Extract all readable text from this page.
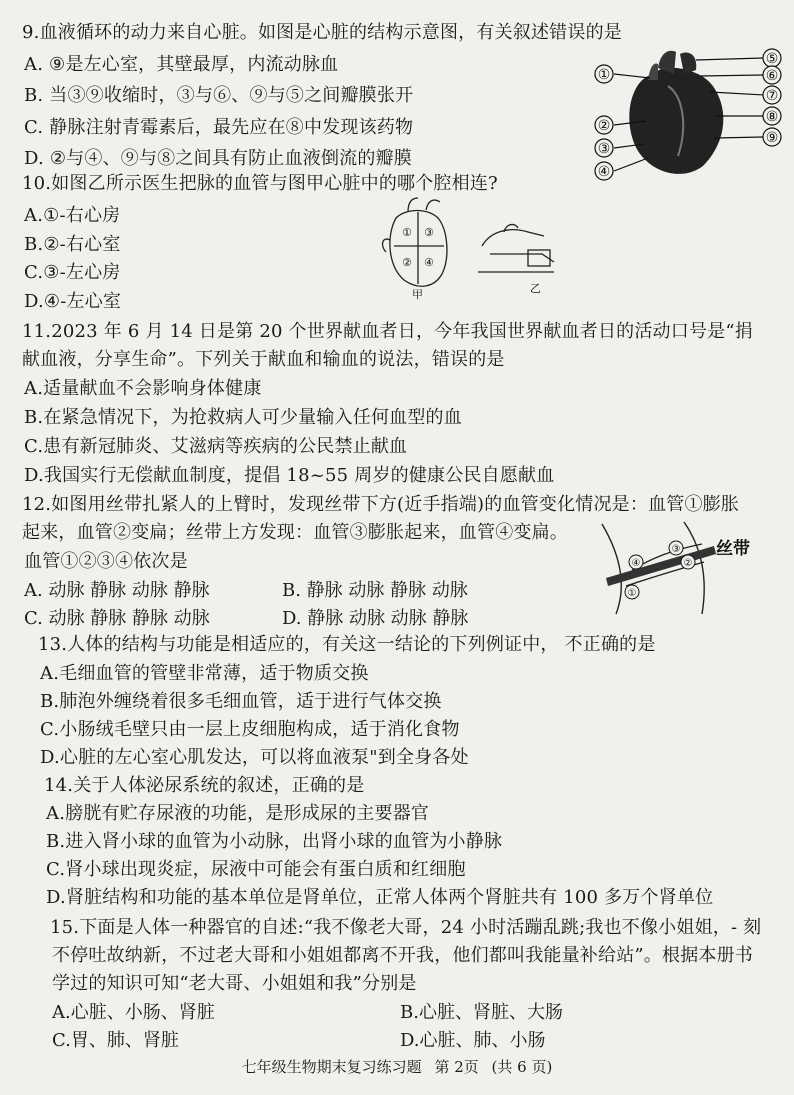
9.血液循环的动力来自心脏。如图是心脏的结构示意图，有关叙述错误的是
A. ⑨是左心室，其壁最厚，内流动脉血
B. 当③⑨收缩时，③与⑥、⑨与⑤之间瓣膜张开
C. 静脉注射青霉素后，最先应在⑧中发现该药物
D. ②与④、⑨与⑧之间具有防止血液倒流的瓣膜
①
②
③
④
⑤
⑥
⑦
⑧
⑨
10.如图乙所示医生把脉的血管与图甲心脏中的哪个腔相连?
A.①-右心房
B.②-右心室
C.③-左心房
D.④-左心室
① ③
② ④
甲	乙
11.2023 年 6 月 14 日是第 20 个世界献血者日，今年我国世界献血者日的活动口号是“捐
献血液，分享生命”。下列关于献血和输血的说法，错误的是
A.适量献血不会影响身体健康
B.在紧急情况下，为抢救病人可少量输入任何血型的血
C.患有新冠肺炎、艾滋病等疾病的公民禁止献血
D.我国实行无偿献血制度，提倡 18~55 周岁的健康公民自愿献血
12.如图用丝带扎紧人的上臂时，发现丝带下方(近手指端)的血管变化情况是：血管①膨胀
起来，血管②变扁；丝带上方发现：血管③膨胀起来，血管④变扁。
血管①②③④依次是
A. 动脉 静脉 动脉 静脉	B. 静脉 动脉 静脉 动脉
C. 动脉 静脉 静脉 动脉	D. 静脉 动脉 动脉 静脉
④
①
③
②
丝带
13.人体的结构与功能是相适应的，有关这一结论的下列例证中， 不正确的是
A.毛细血管的管壁非常薄，适于物质交换
B.肺泡外缠绕着很多毛细血管，适于进行气体交换
C.小肠绒毛壁只由一层上皮细胞构成，适于消化食物
D.心脏的左心室心肌发达，可以将血液泵"到全身各处
14.关于人体泌尿系统的叙述，正确的是
A.膀胱有贮存尿液的功能，是形成尿的主要器官
B.进入肾小球的血管为小动脉，出肾小球的血管为小静脉
C.肾小球出现炎症，尿液中可能会有蛋白质和红细胞
D.肾脏结构和功能的基本单位是肾单位，正常人体两个肾脏共有 100 多万个肾单位
15.下面是人体一种器官的自述:“我不像老大哥，24 小时活蹦乱跳;我也不像小姐姐，- 刻
不停吐故纳新，不过老大哥和小姐姐都离不开我，他们都叫我能量补给站”。根据本册书
学过的知识可知“老大哥、小姐姐和我”分别是
A.心脏、小肠、肾脏	B.心脏、肾脏、大肠
C.胃、肺、肾脏	D.心脏、肺、小肠
七年级生物期末复习练习题 第 2页 (共 6 页)
